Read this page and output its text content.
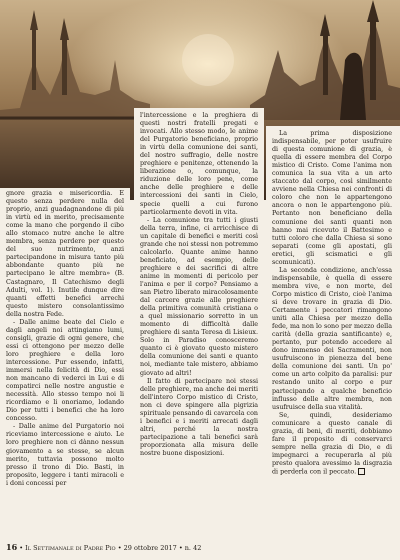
gnore grazia e misericordia. E questo senza perdere nulla del proprio, anzi guadagnandone di più in virtù ed in merito, precisamente come la mano che porgendo il cibo allo stomaco nutre anche le altre membra, senza perdere per questo del suo nutrimento, anzi partecipandone in misura tanto più abbondante quanto più ne partecipano le altre membra» (B. Castagnaro, Il Catechismo degli Adulti, vol. 1). Inutile dunque dire quanti effetti benefici arrechi questo mistero consolantissimo della nostra Fede.

- Dalle anime beate del Cielo e dagli angeli noi attingiamo lumi, consigli, grazie di ogni genere, che essi ci ottengono per mezzo delle loro preghiere e della loro intercessione. Pur essendo, infatti, immersi nella felicità di Dio, essi non mancano di vederci in Lui e di compatirci nelle nostre angustie e necessità. Allo stesso tempo noi li ricordiamo e li onoriamo, lodando Dio per tutti i benefici che ha loro concesso.

- Dalle anime del Purgatorio noi riceviamo intercessione e aiuto. Le loro preghiere non ci dànno nessun giovamento a se stesse, se alcun merito, tuttavia possono molto presso il trono di Dio. Basti, in proposito, leggere i tanti miracoli e i doni concessi per

l'intercessione e la preghiera di questi nostri fratelli pregati e invocati. Allo stesso modo, le anime del Purgatorio beneficiano, proprio in virtù della comunione dei santi, del nostro suffragio, delle nostre preghiere e penitenze, ottenendo la liberazione o, comunque, la riduzione delle loro pene, come anche delle preghiere e delle intercessioni dei santi in Cielo, specie quelli a cui furono particolarmente devoti in vita.

- La comunione tra tutti i giusti della terra, infine, ci arricchisce di un capitale di benefici e meriti così grande che noi stessi non potremmo calcolarlo. Quante anime hanno beneficiato, ad esempio, delle preghiere e dei sacrifici di altre anime in momenti di pericolo per l'anima e per il corpo? Pensiamo a san Pietro liberato miracolosamente dal carcere grazie alle preghiere della primitiva comunità cristiana o a quel missionario sorretto in un momento di difficoltà dalle preghiere di santa Teresa di Lisieux. Solo in Paradiso conosceremo quanto ci è giovato questo mistero della comunione dei santi e quanto noi, mediante tale mistero, abbiamo giovato ad altri!

Il fatto di partecipare noi stessi delle preghiere, ma anche dei meriti dell'intero Corpo mistico di Cristo, non ci deve spingere alla pigrizia spirituale pensando di cavarcela con i benefici e i meriti arrecati dagli altri, perché la nostra partecipazione a tali benefici sarà proporzionata alla misura delle nostre buone disposizioni.

La prima disposizione indispensabile, per poter usufruire di questa comunione di grazia, è quella di essere membra del Corpo mistico di Cristo. Come l'anima non comunica la sua vita a un arto staccato dal corpo, così similmente avviene nella Chiesa nei confronti di coloro che non le appartengono ancora o non le appartengono più. Pertanto non beneficiano della comunione dei santi quanti non hanno mai ricevuto il Battesimo e tutti coloro che dalla Chiesa si sono separati (come gli apostati, gli eretici, gli scismatici e gli scomunicati).

La seconda condizione, anch'essa indispensabile, è quella di essere membra vive, e non morte, del Corpo mistico di Cristo, cioè l'anima si deve trovare in grazia di Dio. Certamente i peccatori rimangono uniti alla Chiesa per mezzo della fede, ma non lo sono per mezzo della carità (della grazia santificante) e, pertanto, pur potendo accedere al dono immenso dei Sacramenti, non usufruiscono in pienezza del bene della comunione dei santi. Un po' come un arto colpito da paralisi: pur restando unito al corpo e pur partecipando a qualche beneficio influsso delle altre membra, non usufruisce della sua vitalità.

Se, quindi, desideriamo comunicare a questo canale di grazia, di beni, di meriti, dobbiamo fare il proposito di conservarci sempre nella grazia di Dio, e di impegnarci a recuperarla al più presto qualora avessimo la disgrazia di perderla con il peccato.

16 • Il Settimanale di Padre Pio • 29 ottobre 2017 • n. 42
